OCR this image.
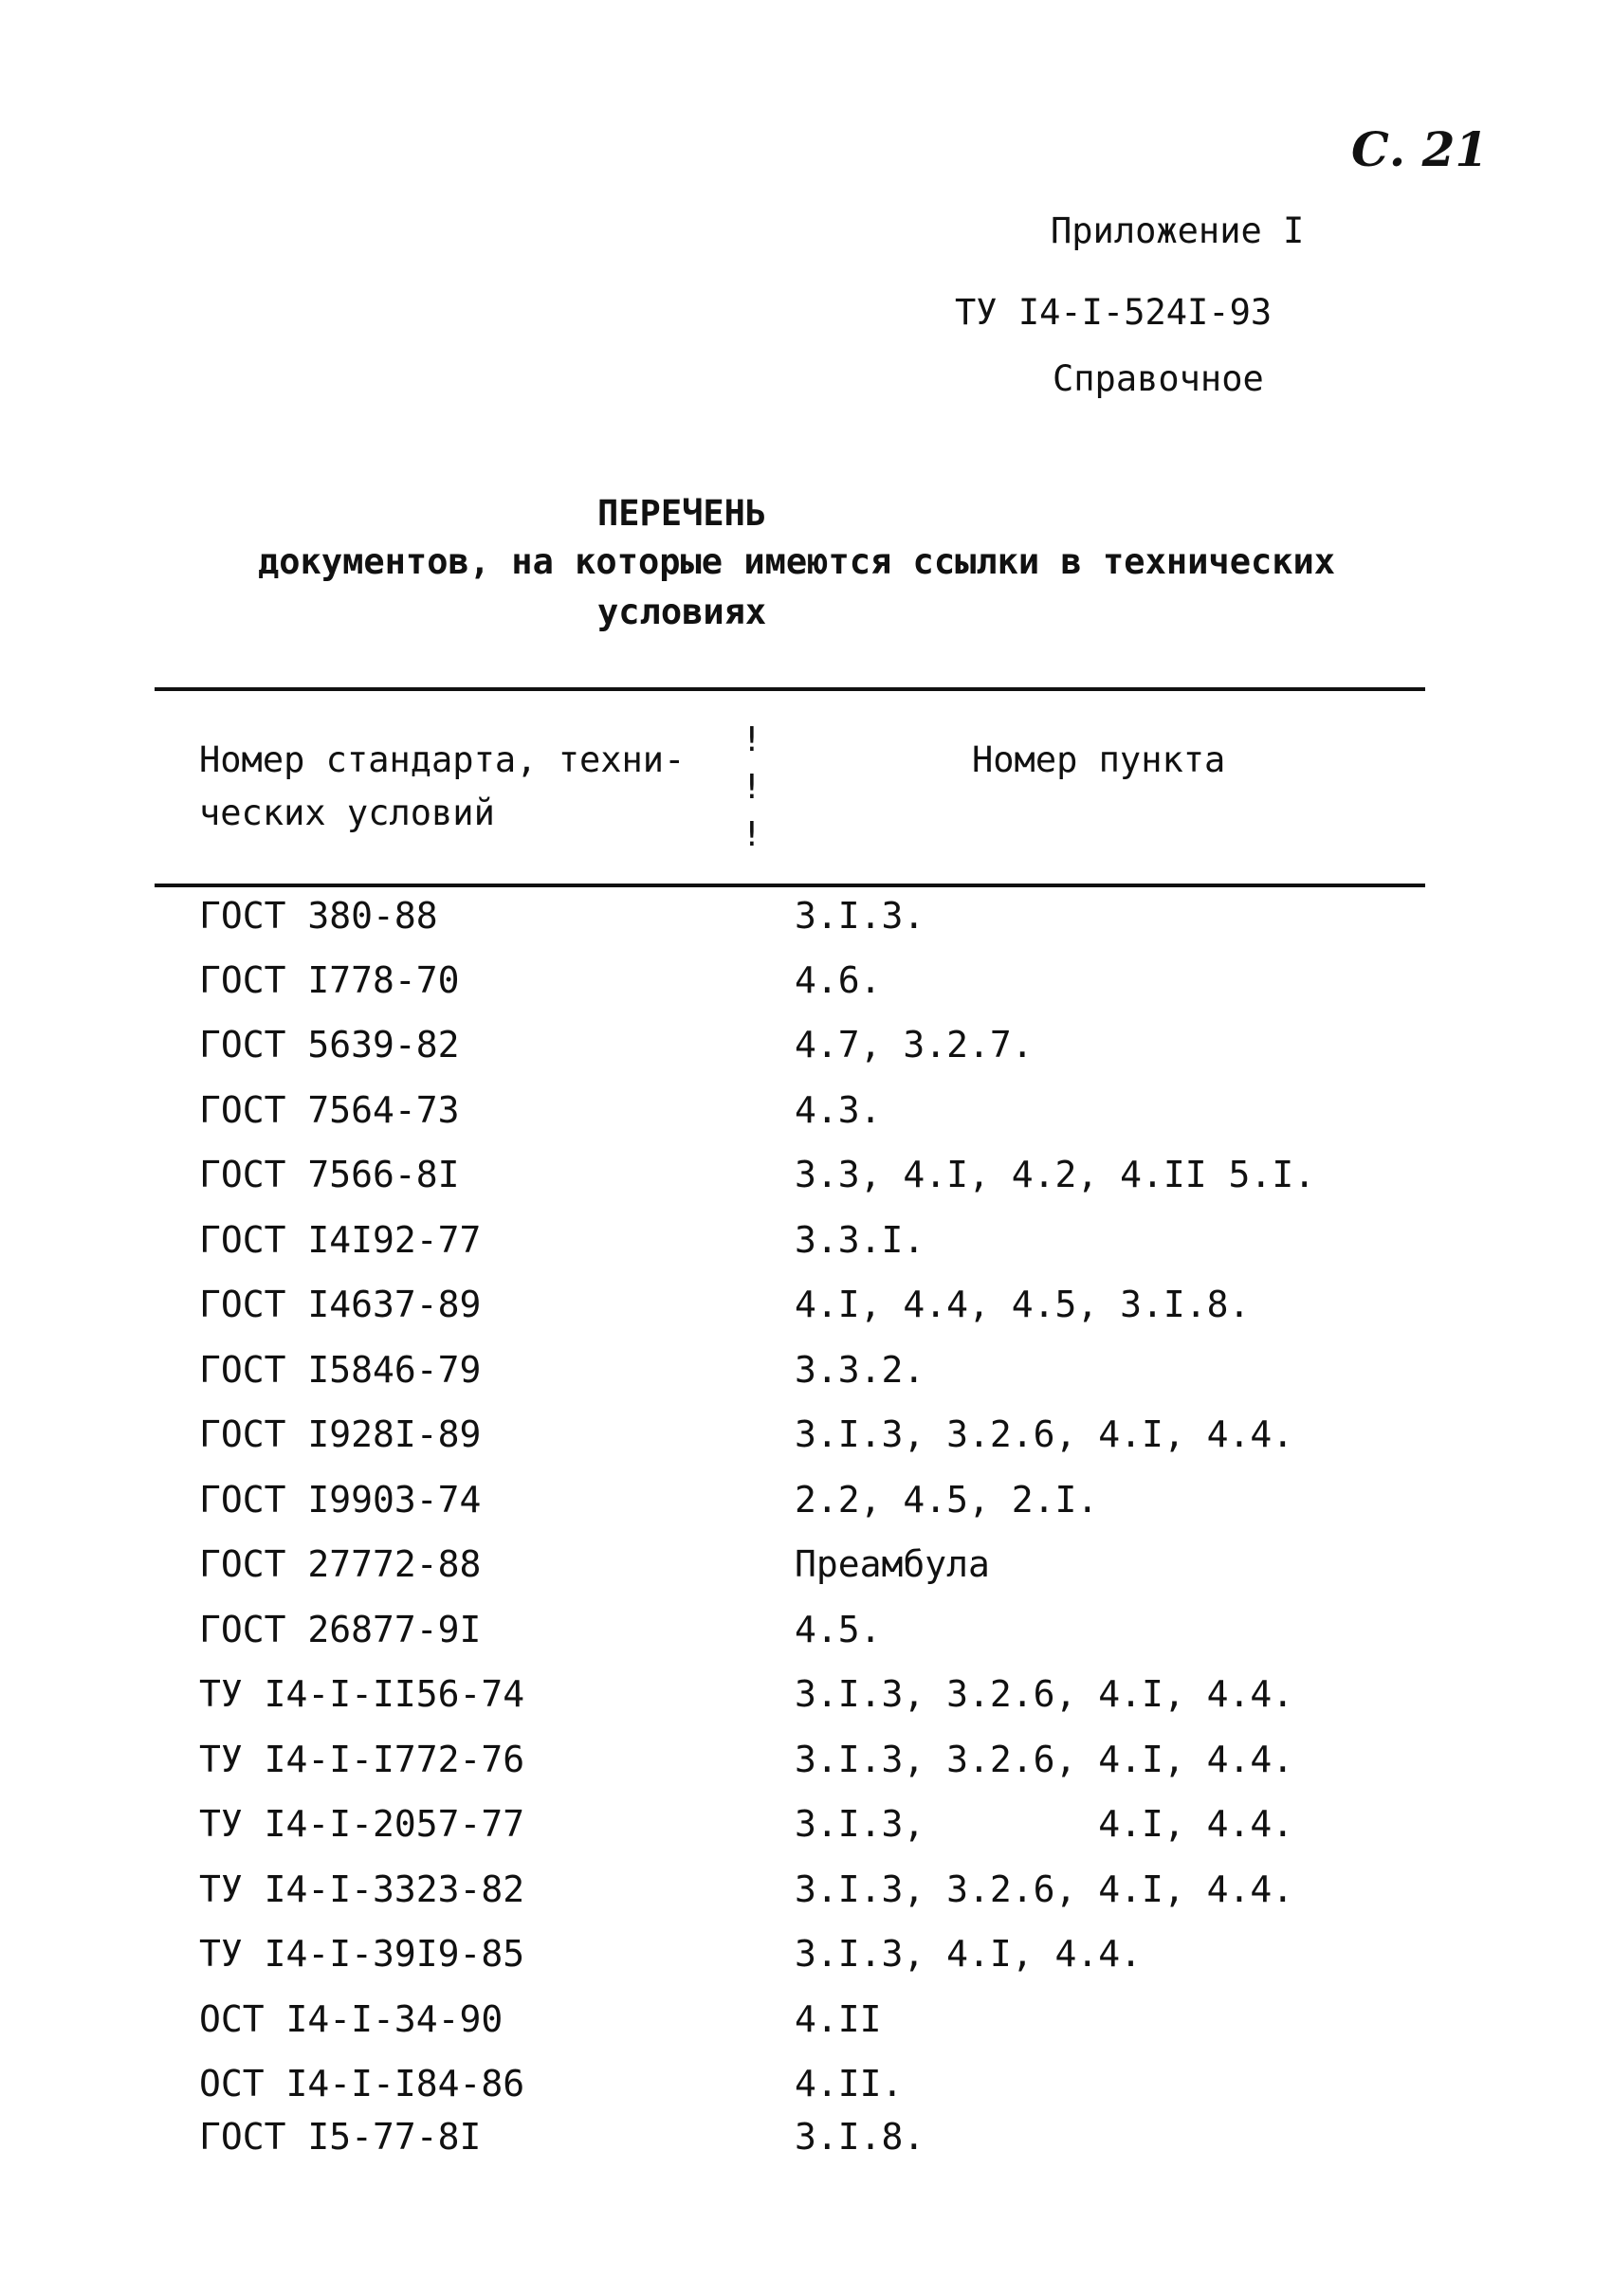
С. 21
Приложение I
ТУ I4-I-524I-93
Справочное
ПЕРЕЧЕНЬ
документов, на которые имеются ссылки в технических
условиях
Номер стандарта, техни-
ческих условий
!
!
!
Номер пункта
ГОСТ 380-88	3.I.3.
ГОСТ I778-70	4.6.
ГОСТ 5639-82	4.7, 3.2.7.
ГОСТ 7564-73	4.3.
ГОСТ 7566-8I	3.3, 4.I, 4.2, 4.II 5.I.
ГОСТ I4I92-77	3.3.I.
ГОСТ I4637-89	4.I, 4.4, 4.5, 3.I.8.
ГОСТ I5846-79	3.3.2.
ГОСТ I928I-89	3.I.3, 3.2.6, 4.I, 4.4.
ГОСТ I9903-74	2.2, 4.5, 2.I.
ГОСТ 27772-88	Преамбула
ГОСТ 26877-9I	4.5.
ТУ I4-I-II56-74	3.I.3, 3.2.6, 4.I, 4.4.
ТУ I4-I-I772-76	3.I.3, 3.2.6, 4.I, 4.4.
ТУ I4-I-2057-77	3.I.3,        4.I, 4.4.
ТУ I4-I-3323-82	3.I.3, 3.2.6, 4.I, 4.4.
ТУ I4-I-39I9-85	3.I.3, 4.I, 4.4.
ОСТ I4-I-34-90	4.II
ОСТ I4-I-I84-86	4.II.
ГОСТ I5-77-8I	3.I.8.
